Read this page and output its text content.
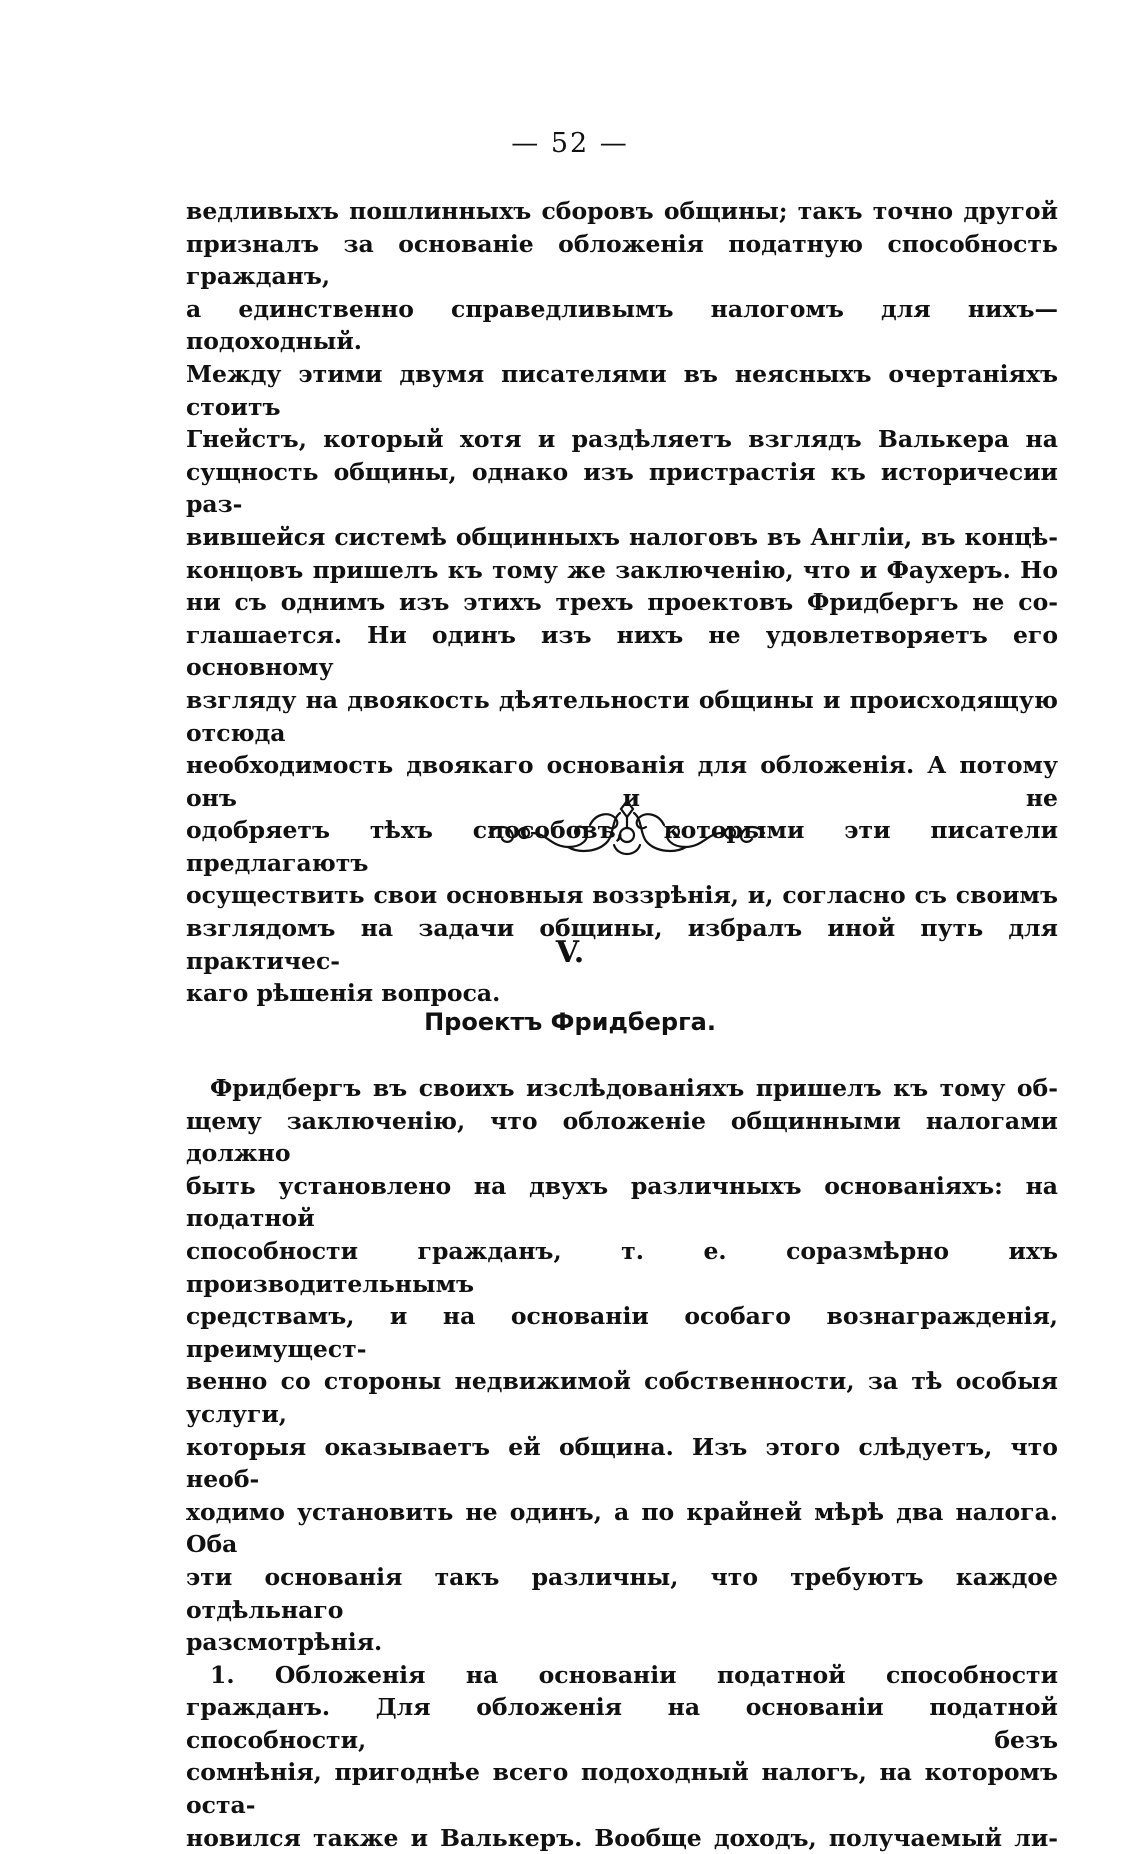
— 52 —
ведливыхъ пошлинныхъ сборовъ общины; такъ точно другой
призналъ за основаніе обложенія податную способность гражданъ,
а единственно справедливымъ налогомъ для нихъ—подоходный.
Между этими двумя писателями въ неясныхъ очертаніяхъ стоитъ
Гнейстъ, который хотя и раздѣляетъ взглядъ Валькера на
сущность общины, однако изъ пристрастія къ историчесии раз-
вившейся системѣ общинныхъ налоговъ въ Англіи, въ концѣ-
концовъ пришелъ къ тому же заключенію, что и Фаухеръ. Но
ни съ однимъ изъ этихъ трехъ проектовъ Фридбергъ не со-
глашается. Ни одинъ изъ нихъ не удовлетворяетъ его основному
взгляду на двоякость дѣятельности общины и происходящую отсюда
необходимость двоякаго основанія для обложенія. А потому онъ и не
одобряетъ тѣхъ способовъ, которыми эти писатели предлагаютъ
осуществить свои основныя воззрѣнія, и, согласно съ своимъ
взглядомъ на задачи общины, избралъ иной путь для практичес-
каго рѣшенія вопроса.
V.
Проектъ Фридберга.
Фридбергъ въ своихъ изслѣдованіяхъ пришелъ къ тому об-
щему заключенію, что обложеніе общинными налогами должно
быть установлено на двухъ различныхъ основаніяхъ: на податной
способности гражданъ, т. е. соразмѣрно ихъ производительнымъ
средствамъ, и на основаніи особаго вознагражденія, преимущест-
венно со стороны недвижимой собственности, за тѣ особыя услуги,
которыя оказываетъ ей община. Изъ этого слѣдуетъ, что необ-
ходимо установить не одинъ, а по крайней мѣрѣ два налога. Оба
эти основанія такъ различны, что требуютъ каждое отдѣльнаго
разсмотрѣнія.
1. Обложенія на основаніи податной способности
гражданъ. Для обложенія на основаніи податной способности, безъ
сомнѣнія, пригоднѣе всего подоходный налогъ, на которомъ оста-
новился также и Валькеръ. Вообще доходъ, получаемый ли-
